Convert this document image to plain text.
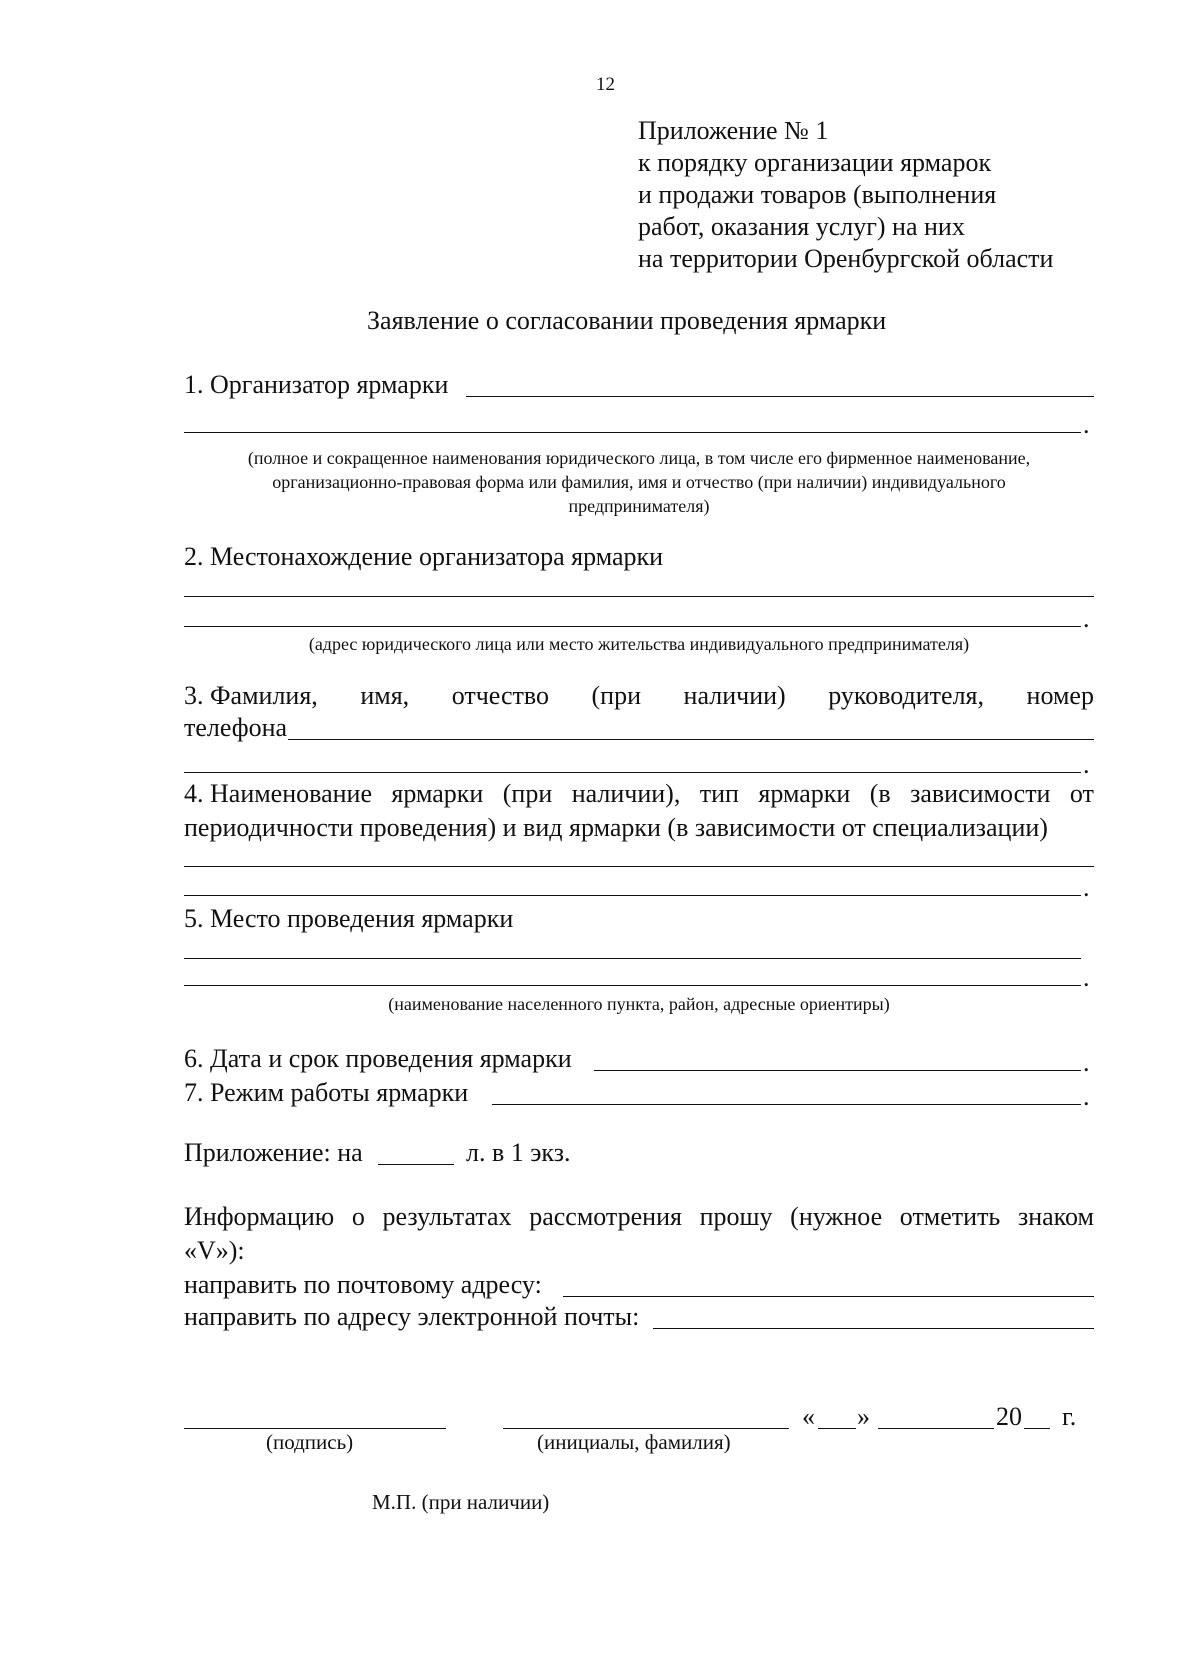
12
Приложение № 1
к порядку организации ярмарок
и продажи товаров (выполнения
работ, оказания услуг) на них
на территории Оренбургской области
Заявление о согласовании проведения ярмарки
1. Организатор ярмарки
.
(полное и сокращенное наименования юридического лица, в том числе его фирменное наименование,
организационно-правовая форма или фамилия, имя и отчество (при наличии) индивидуального
предпринимателя)
2. Местонахождение организатора ярмарки
.
(адрес юридического лица или место жительства индивидуального предпринимателя)
3. Фамилия, имя, отчество (при наличии) руководителя, номер
телефона
.
4. Наименование ярмарки (при наличии), тип ярмарки (в зависимости от
периодичности проведения) и вид ярмарки (в зависимости от специализации)
.
5. Место проведения ярмарки
.
(наименование населенного пункта, район, адресные ориентиры)
6. Дата и срок проведения ярмарки	.
7. Режим работы ярмарки	.
Приложение: на	л. в 1 экз.
Информацию о результатах рассмотрения прошу (нужное отметить знаком
«V»):
направить по почтовому адресу:
направить по адресу электронной почты:
« »	20 г.
(подпись)	(инициалы, фамилия)
М.П. (при наличии)
